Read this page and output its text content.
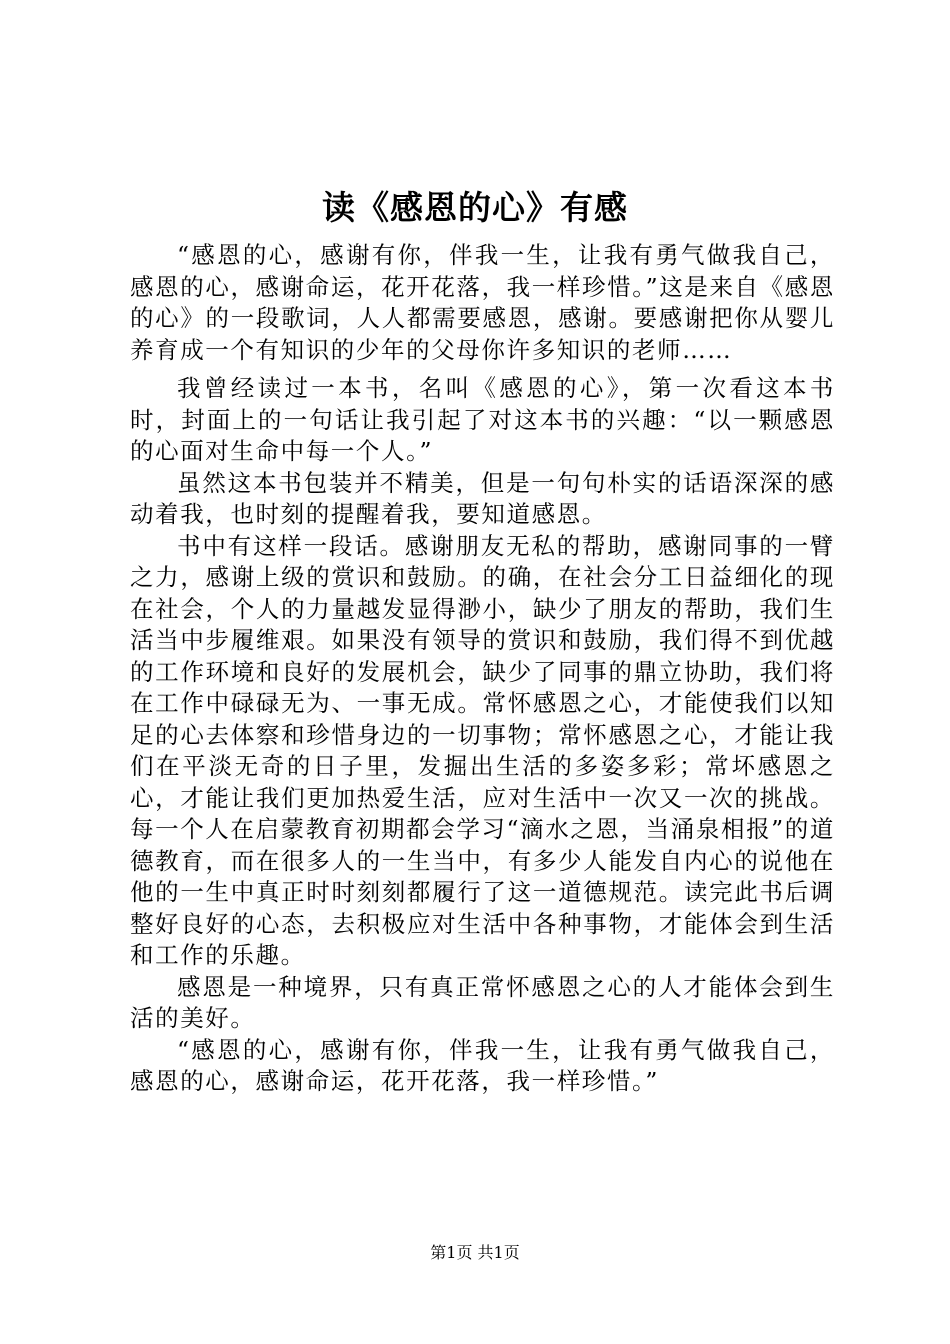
读《感恩的心》有感

“感恩的心，感谢有你，伴我一生，让我有勇气做我自己，感恩的心，感谢命运，花开花落，我一样珍惜。”这是来自《感恩的心》的一段歌词，人人都需要感恩，感谢。要感谢把你从婴儿养育成一个有知识的少年的父母你许多知识的老师……

我曾经读过一本书，名叫《感恩的心》，第一次看这本书时，封面上的一句话让我引起了对这本书的兴趣：“以一颗感恩的心面对生命中每一个人。”

虽然这本书包装并不精美，但是一句句朴实的话语深深的感动着我，也时刻的提醒着我，要知道感恩。

书中有这样一段话。感谢朋友无私的帮助，感谢同事的一臂之力，感谢上级的赏识和鼓励。的确，在社会分工日益细化的现在社会，个人的力量越发显得渺小，缺少了朋友的帮助，我们生活当中步履维艰。如果没有领导的赏识和鼓励，我们得不到优越的工作环境和良好的发展机会，缺少了同事的鼎立协助，我们将在工作中碌碌无为、一事无成。常怀感恩之心，才能使我们以知足的心去体察和珍惜身边的一切事物；常怀感恩之心，才能让我们在平淡无奇的日子里，发掘出生活的多姿多彩；常坏感恩之心，才能让我们更加热爱生活，应对生活中一次又一次的挑战。每一个人在启蒙教育初期都会学习“滴水之恩，当涌泉相报”的道德教育，而在很多人的一生当中，有多少人能发自内心的说他在他的一生中真正时时刻刻都履行了这一道德规范。读完此书后调整好良好的心态，去积极应对生活中各种事物，才能体会到生活和工作的乐趣。

感恩是一种境界，只有真正常怀感恩之心的人才能体会到生活的美好。

“感恩的心，感谢有你，伴我一生，让我有勇气做我自己，感恩的心，感谢命运，花开花落，我一样珍惜。”

第1页 共1页
